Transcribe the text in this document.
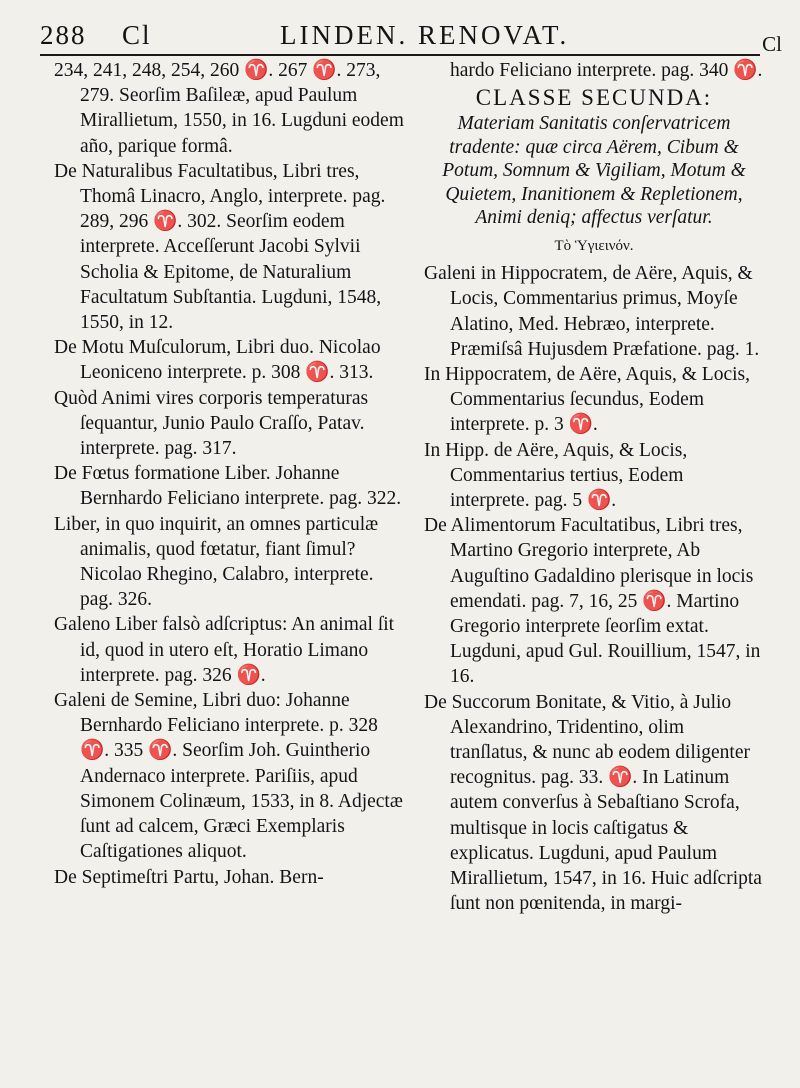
288 Cl	LINDEN. RENOVAT.	Cl

234, 241, 248, 254, 260 ♈. 267 ♈. 273, 279. Seorſim Baſileæ, apud Paulum Mirallietum, 1550, in 16. Lugduni eodem año, parique formâ.

De Naturalibus Facultatibus, Libri tres, Thomâ Linacro, Anglo, interprete. pag. 289, 296 ♈. 302. Seorſim eodem interprete. Acceſſerunt Jacobi Sylvii Scholia & Epitome, de Naturalium Facultatum Subſtantia. Lugduni, 1548, 1550, in 12.

De Motu Muſculorum, Libri duo. Nicolao Leoniceno interprete. p. 308 ♈. 313.

Quòd Animi vires corporis temperaturas ſequantur, Junio Paulo Craſſo, Patav. interprete. pag. 317.

De Fœtus formatione Liber. Johanne Bernhardo Feliciano interprete. pag. 322.

Liber, in quo inquirit, an omnes particulæ animalis, quod fœtatur, fiant ſimul? Nicolao Rhegino, Calabro, interprete. pag. 326.

Galeno Liber falsò adſcriptus: An animal ſit id, quod in utero eſt, Horatio Limano interprete. pag. 326 ♈.

Galeni de Semine, Libri duo: Johanne Bernhardo Feliciano interprete. p. 328 ♈. 335 ♈. Seorſim Joh. Guintherio Andernaco interprete. Pariſiis, apud Simonem Colinæum, 1533, in 8. Adjectæ ſunt ad calcem, Græci Exemplaris Caſtigationes aliquot.

De Septimeſtri Partu, Johan. Bern-

hardo Feliciano interprete. pag. 340 ♈.

CLASSE SECUNDA:
Materiam Sanitatis conſervatricem tradente: quæ circa Aërem, Cibum & Potum, Somnum & Vigiliam, Motum & Quietem, Inanitionem & Repletionem, Animi deniq; affectus verſatur.
Τὸ Ὑγιεινόν.

Galeni in Hippocratem, de Aëre, Aquis, & Locis, Commentarius primus, Moyſe Alatino, Med. Hebræo, interprete. Præmiſsâ Hujusdem Præfatione. pag. 1.

In Hippocratem, de Aëre, Aquis, & Locis, Commentarius ſecundus, Eodem interprete. p. 3 ♈.

In Hipp. de Aëre, Aquis, & Locis, Commentarius tertius, Eodem interprete. pag. 5 ♈.

De Alimentorum Facultatibus, Libri tres, Martino Gregorio interprete, Ab Auguſtino Gadaldino plerisque in locis emendati. pag. 7, 16, 25 ♈. Martino Gregorio interprete ſeorſim extat. Lugduni, apud Gul. Rouillium, 1547, in 16.

De Succorum Bonitate, & Vitio, à Julio Alexandrino, Tridentino, olim tranſlatus, & nunc ab eodem diligenter recognitus. pag. 33. ♈. In Latinum autem converſus à Sebaſtiano Scrofa, multisque in locis caſtigatus & explicatus. Lugduni, apud Paulum Mirallietum, 1547, in 16. Huic adſcripta ſunt non pœnitenda, in margi-
